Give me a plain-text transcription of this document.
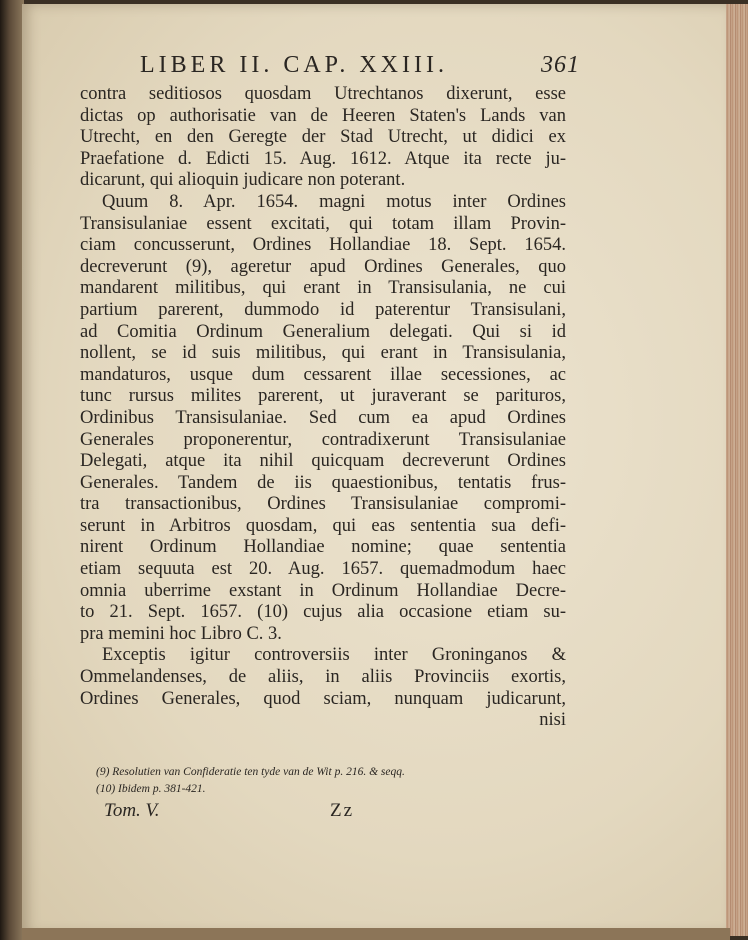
LIBER II. CAP. XXIII.	361
contra seditiosos quosdam Utrechtanos dixerunt, esse
dictas op authorisatie van de Heeren Staten's Lands van
Utrecht, en den Geregte der Stad Utrecht, ut didici ex
Praefatione d. Edicti 15. Aug. 1612. Atque ita recte ju-
dicarunt, qui alioquin judicare non poterant.
Quum 8. Apr. 1654. magni motus inter Ordines
Transisulaniae essent excitati, qui totam illam Provin-
ciam concusserunt, Ordines Hollandiae 18. Sept. 1654.
decreverunt (9), ageretur apud Ordines Generales, quo
mandarent militibus, qui erant in Transisulania, ne cui
partium parerent, dummodo id paterentur Transisulani,
ad Comitia Ordinum Generalium delegati. Qui si id
nollent, se id suis militibus, qui erant in Transisulania,
mandaturos, usque dum cessarent illae secessiones, ac
tunc rursus milites parerent, ut juraverant se parituros,
Ordinibus Transisulaniae. Sed cum ea apud Ordines
Generales proponerentur, contradixerunt Transisulaniae
Delegati, atque ita nihil quicquam decreverunt Ordines
Generales. Tandem de iis quaestionibus, tentatis frus-
tra transactionibus, Ordines Transisulaniae compromi-
serunt in Arbitros quosdam, qui eas sententia sua defi-
nirent Ordinum Hollandiae nomine; quae sententia
etiam sequuta est 20. Aug. 1657. quemadmodum haec
omnia uberrime exstant in Ordinum Hollandiae Decre-
to 21. Sept. 1657. (10) cujus alia occasione etiam su-
pra memini hoc Libro C. 3.
Exceptis igitur controversiis inter Groninganos &
Ommelandenses, de aliis, in aliis Provinciis exortis,
Ordines Generales, quod sciam, nunquam judicarunt,
nisi
(9) Resolutien van Confideratie ten tyde van de Wit p. 216. & seqq.
(10) Ibidem p. 381-421.
Tom. V.	Zz
